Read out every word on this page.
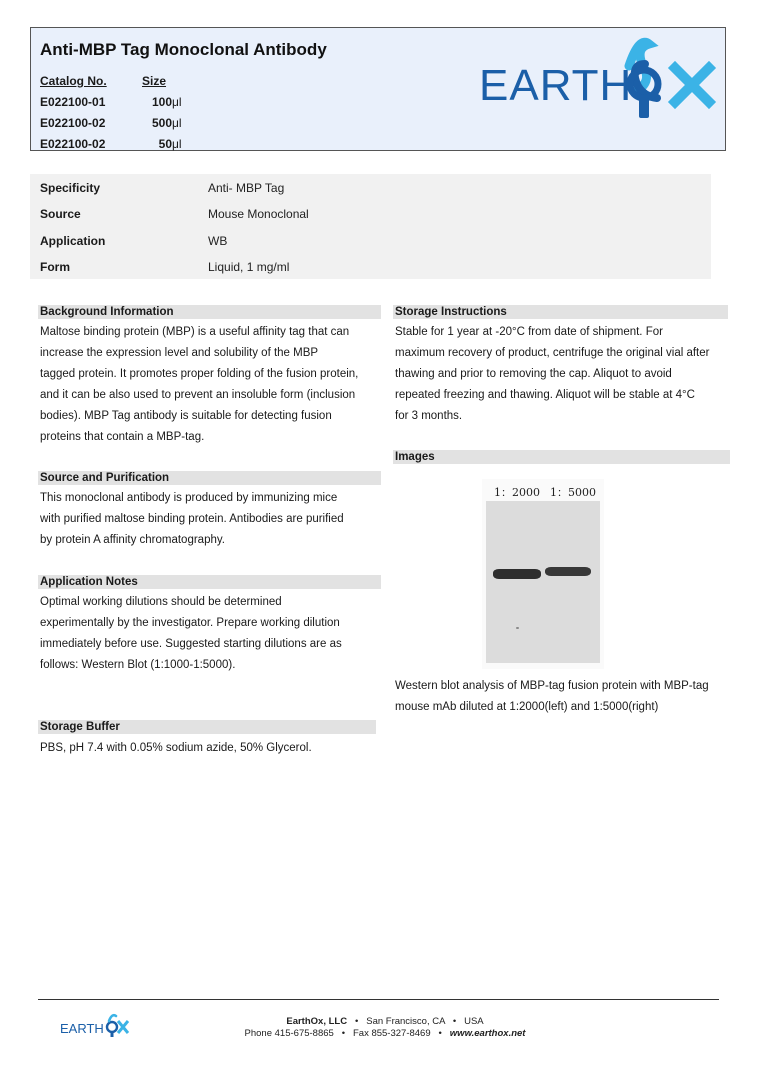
Anti-MBP Tag Monoclonal Antibody
Catalog No.	Size
E022100-01	100μl
E022100-02	500μl
E022100-02	50μl
EARTH
Specificity	Anti- MBP Tag
Source	Mouse Monoclonal
Application	WB
Form	Liquid, 1 mg/ml
Background Information
Maltose binding protein (MBP) is a useful affinity tag that can
increase the expression level and solubility of the MBP
tagged protein. It promotes proper folding of the fusion protein,
and it can be also used to prevent an insoluble form (inclusion
bodies). MBP Tag antibody is suitable for detecting fusion
proteins that contain a MBP-tag.
Source and Purification
This monoclonal antibody is produced by immunizing mice
with purified maltose binding protein. Antibodies are purified
by protein A affinity chromatography.
Application Notes
Optimal working dilutions should be determined
experimentally by the investigator. Prepare working dilution
immediately before use. Suggested starting dilutions are as
follows: Western Blot (1:1000-1:5000).
Storage Buffer
PBS, pH 7.4 with 0.05% sodium azide, 50% Glycerol.
Storage Instructions
Stable for 1 year at -20°C from date of shipment. For
maximum recovery of product, centrifuge the original vial after
thawing and prior to removing the cap. Aliquot to avoid
repeated freezing and thawing. Aliquot will be stable at 4°C
for 3 months.
Images
1：2000 1：5000
Western blot analysis of MBP-tag fusion protein with MBP-tag
mouse mAb diluted at 1:2000(left) and 1:5000(right)
EARTH	EarthOx, LLC • San Francisco, CA • USA
Phone 415-675-8865 • Fax 855-327-8469 • www.earthox.net
